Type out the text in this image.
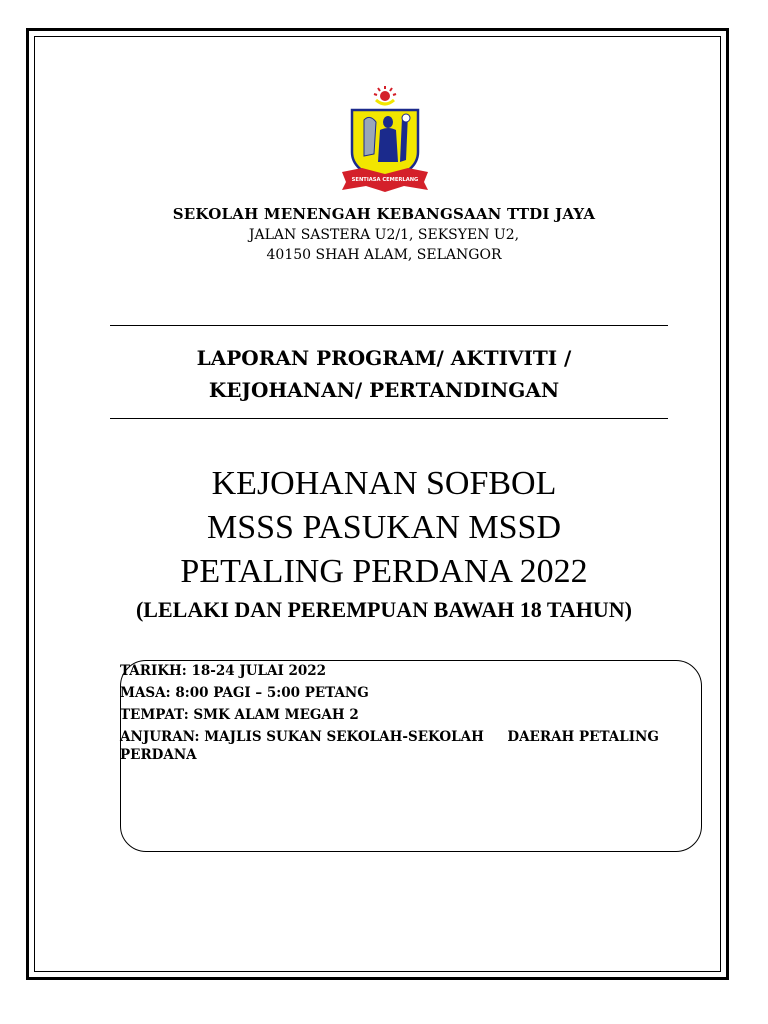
SENTIASA CEMERLANG
SEKOLAH MENENGAH KEBANGSAAN TTDI JAYA
JALAN SASTERA U2/1, SEKSYEN U2,
40150 SHAH ALAM, SELANGOR
LAPORAN PROGRAM/ AKTIVITI /
KEJOHANAN/ PERTANDINGAN
KEJOHANAN SOFBOL
MSSS PASUKAN MSSD
PETALING PERDANA 2022
(LELAKI DAN PEREMPUAN BAWAH 18 TAHUN)
TARIKH: 18-24 JULAI 2022
MASA: 8:00 PAGI – 5:00 PETANG
TEMPAT: SMK ALAM MEGAH 2
ANJURAN: MAJLIS SUKAN SEKOLAH-SEKOLAH     DAERAH PETALING PERDANA
